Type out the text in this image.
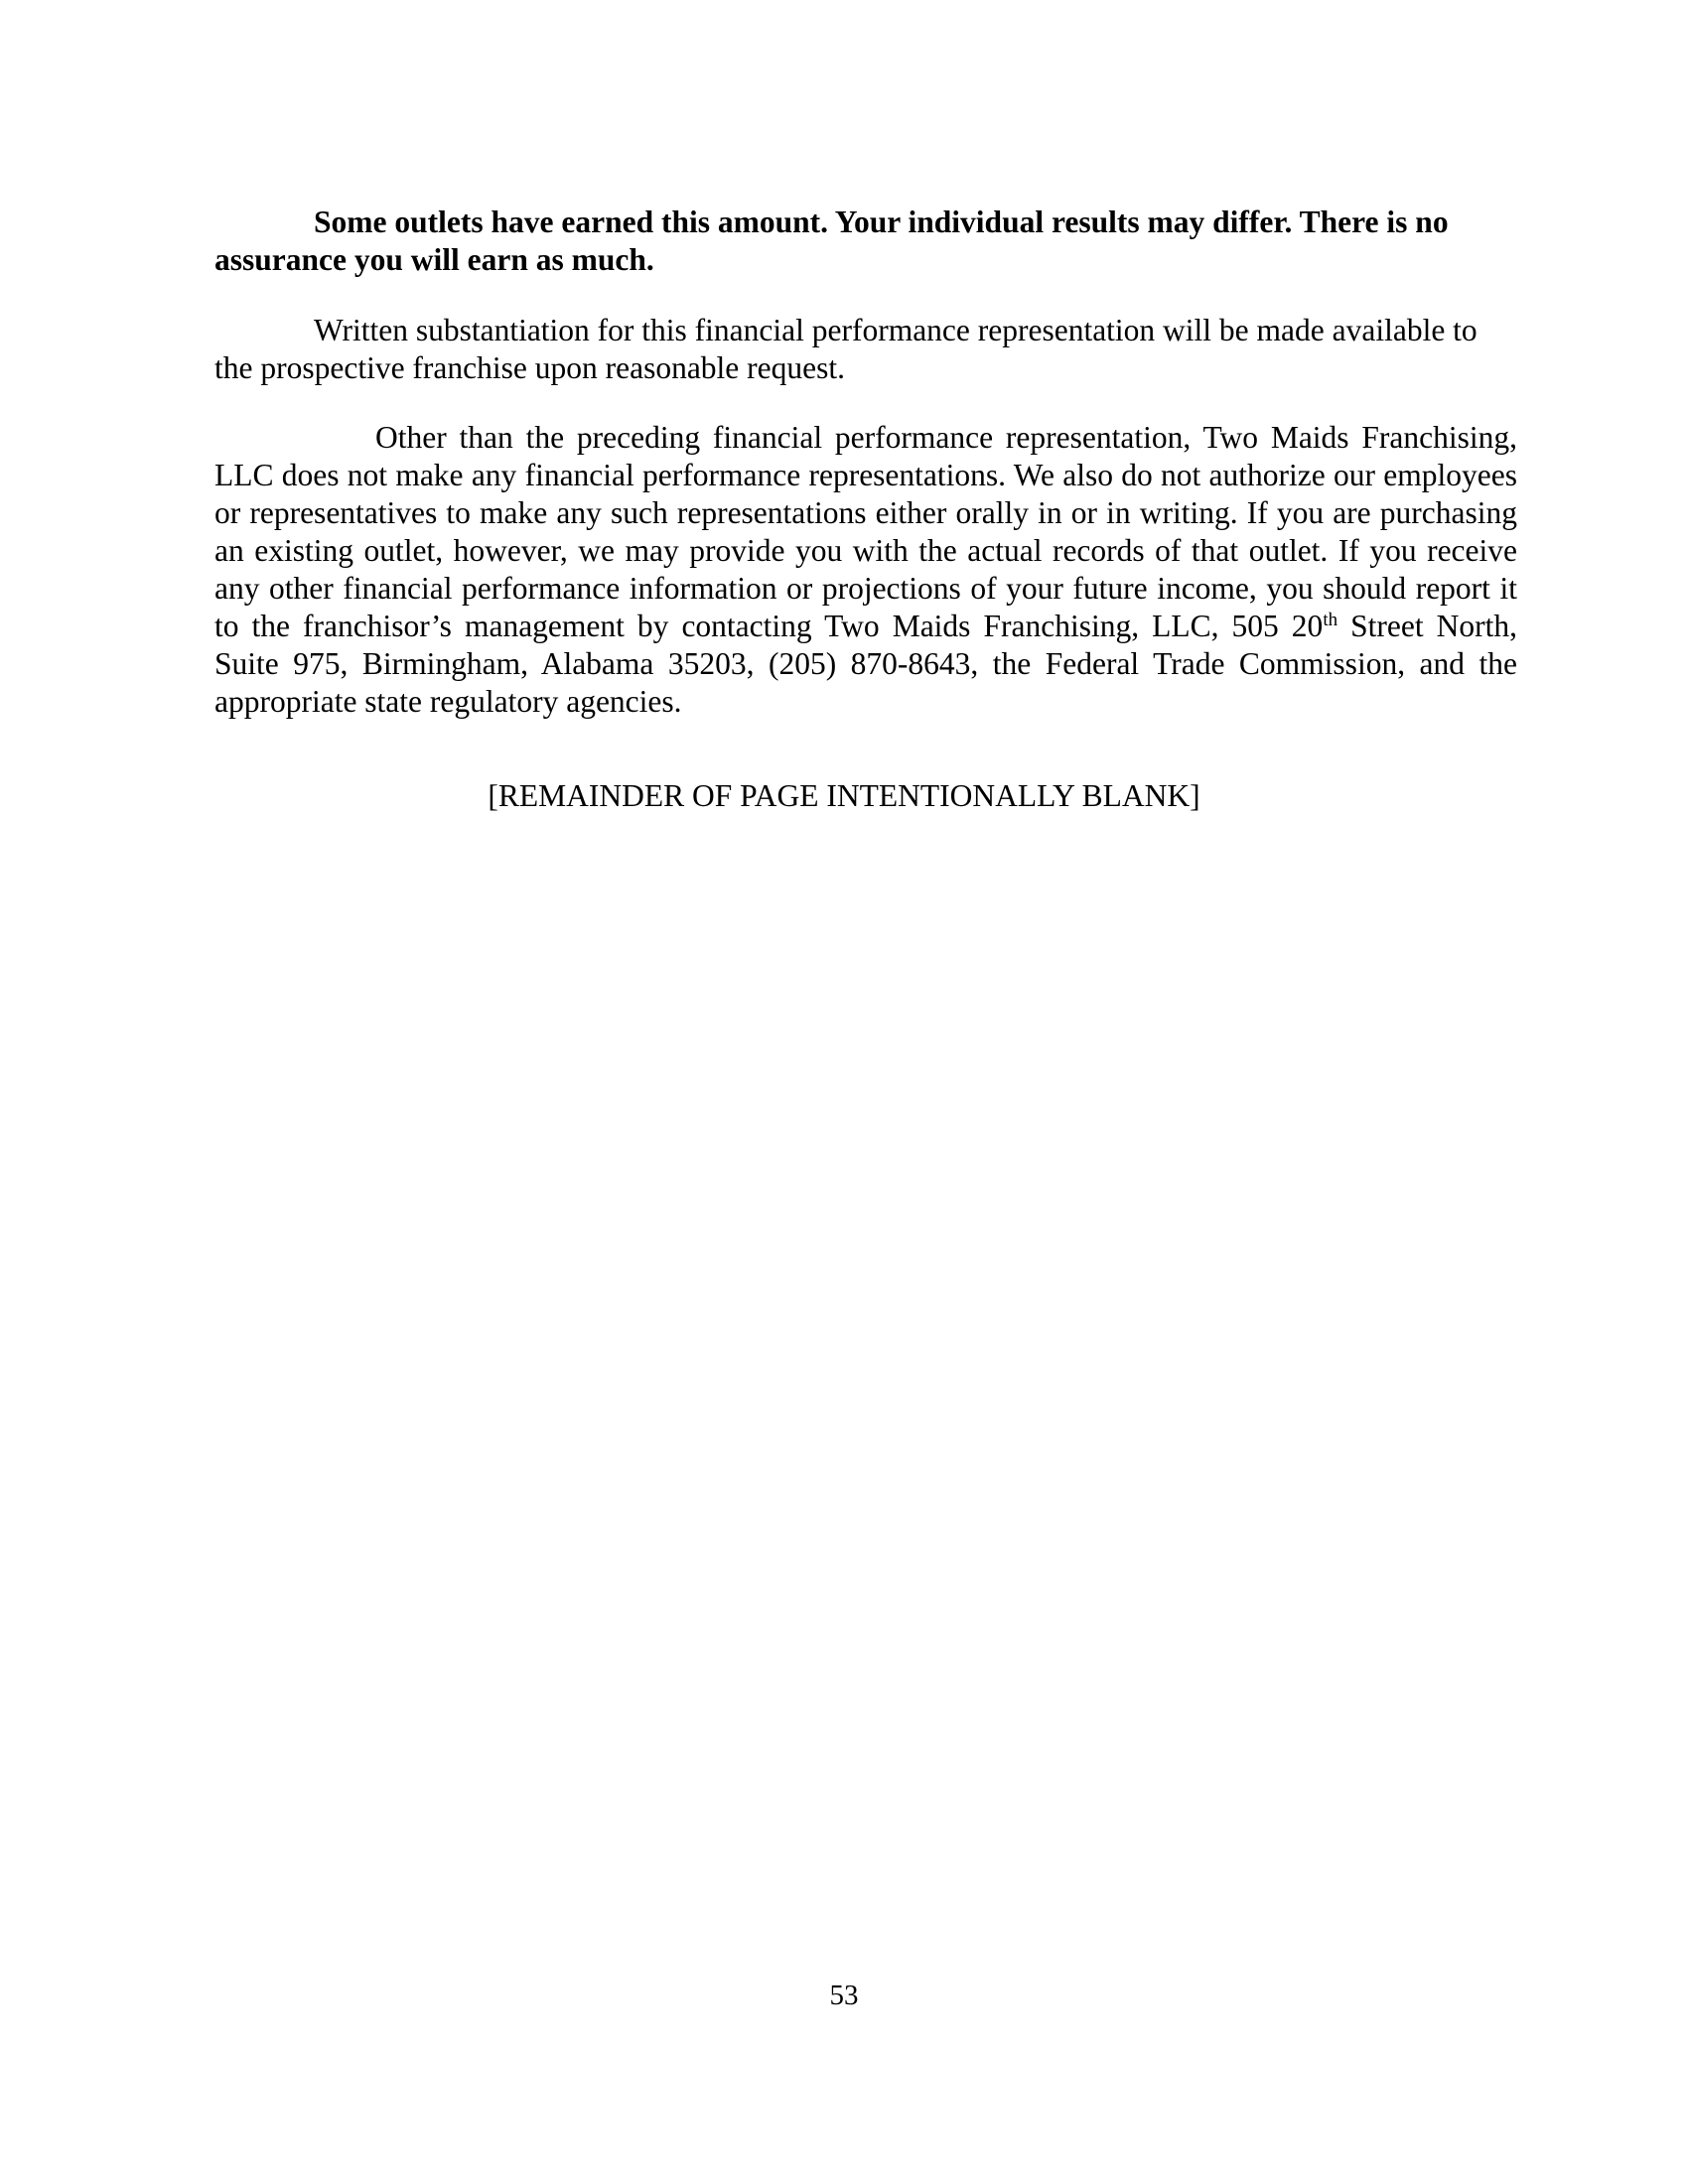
Some outlets have earned this amount. Your individual results may differ. There is no assurance you will earn as much.

Written substantiation for this financial performance representation will be made available to the prospective franchise upon reasonable request.

Other than the preceding financial performance representation, Two Maids Franchising, LLC does not make any financial performance representations. We also do not authorize our employees or representatives to make any such representations either orally in or in writing. If you are purchasing an existing outlet, however, we may provide you with the actual records of that outlet. If you receive any other financial performance information or projections of your future income, you should report it to the franchisor’s management by contacting Two Maids Franchising, LLC, 505 20th Street North, Suite 975, Birmingham, Alabama 35203, (205) 870-8643, the Federal Trade Commission, and the appropriate state regulatory agencies.

[REMAINDER OF PAGE INTENTIONALLY BLANK]
53
